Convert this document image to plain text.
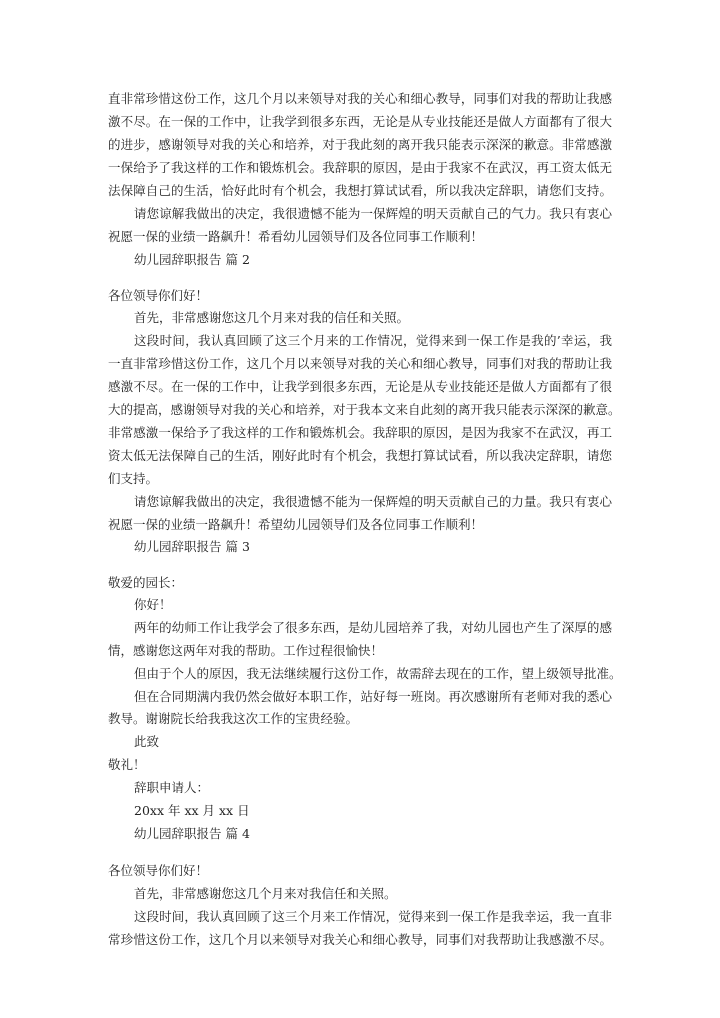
直非常珍惜这份工作，这几个月以来领导对我的关心和细心教导，同事们对我的帮助让我感
激不尽。在一保的工作中，让我学到很多东西，无论是从专业技能还是做人方面都有了很大
的进步，感谢领导对我的关心和培养，对于我此刻的离开我只能表示深深的歉意。非常感激
一保给予了我这样的工作和锻炼机会。我辞职的原因，是由于我家不在武汉，再工资太低无
法保障自己的生活，恰好此时有个机会，我想打算试试看，所以我决定辞职，请您们支持。
请您谅解我做出的决定，我很遗憾不能为一保辉煌的明天贡献自己的气力。我只有衷心
祝愿一保的业绩一路飙升！希看幼儿园领导们及各位同事工作顺利！
幼儿园辞职报告 篇 2
各位领导你们好！
首先，非常感谢您这几个月来对我的信任和关照。
这段时间，我认真回顾了这三个月来的工作情况，觉得来到一保工作是我的’幸运，我
一直非常珍惜这份工作，这几个月以来领导对我的关心和细心教导，同事们对我的帮助让我
感激不尽。在一保的工作中，让我学到很多东西，无论是从专业技能还是做人方面都有了很
大的提高，感谢领导对我的关心和培养，对于我本文来自此刻的离开我只能表示深深的歉意。
非常感激一保给予了我这样的工作和锻炼机会。我辞职的原因，是因为我家不在武汉，再工
资太低无法保障自己的生活，刚好此时有个机会，我想打算试试看，所以我决定辞职，请您
们支持。
请您谅解我做出的决定，我很遗憾不能为一保辉煌的明天贡献自己的力量。我只有衷心
祝愿一保的业绩一路飙升！希望幼儿园领导们及各位同事工作顺利！
幼儿园辞职报告 篇 3
敬爱的园长：
你好！
两年的幼师工作让我学会了很多东西，是幼儿园培养了我，对幼儿园也产生了深厚的感
情，感谢您这两年对我的帮助。工作过程很愉快！
但由于个人的原因，我无法继续履行这份工作，故需辞去现在的工作，望上级领导批准。
但在合同期满内我仍然会做好本职工作，站好每一班岗。再次感谢所有老师对我的悉心
教导。谢谢院长给我我这次工作的宝贵经验。
此致
敬礼！
辞职申请人：
20xx 年 xx 月 xx 日
幼儿园辞职报告 篇 4
各位领导你们好！
首先，非常感谢您这几个月来对我信任和关照。
这段时间，我认真回顾了这三个月来工作情况，觉得来到一保工作是我幸运，我一直非
常珍惜这份工作，这几个月以来领导对我关心和细心教导，同事们对我帮助让我感激不尽。
